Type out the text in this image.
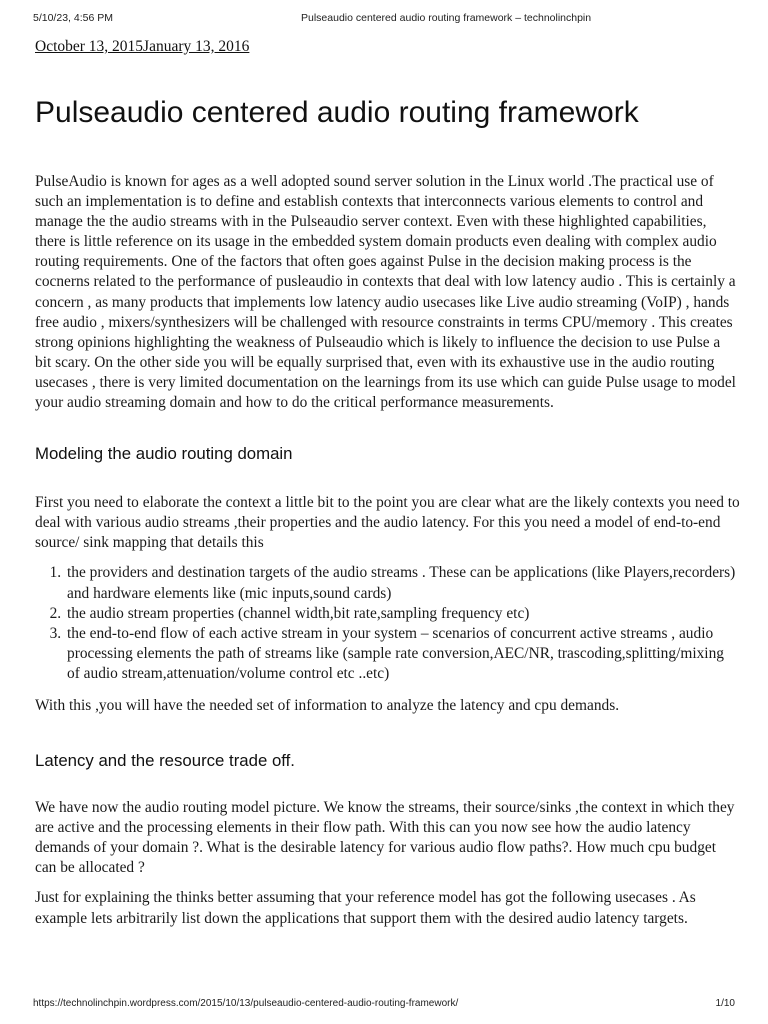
5/10/23, 4:56 PM	Pulseaudio centered audio routing framework – technolinchpin
October 13, 2015January 13, 2016
Pulseaudio centered audio routing framework

PulseAudio is known for ages as a well adopted sound server solution in the Linux world .The practical use of such an implementation is to define and establish contexts that interconnects various elements to control and manage the the audio streams with in the Pulseaudio server context. Even with these highlighted capabilities, there is little reference on its usage in the embedded system domain products even dealing with complex audio routing requirements. One of the factors that often goes against Pulse in the decision making process is the cocnerns related to the performance of pusleaudio in contexts that deal with low latency audio . This is certainly a concern , as many products that implements low latency audio usecases like Live audio streaming (VoIP) , hands free audio , mixers/synthesizers will be challenged with resource constraints in terms CPU/memory . This creates strong opinions highlighting the weakness of Pulseaudio which is likely to influence the decision to use Pulse a bit scary. On the other side you will be equally surprised that, even with its exhaustive use in the audio routing usecases , there is very limited documentation on the learnings from its use which can guide Pulse usage to model your audio streaming domain and how to do the critical performance measurements.

Modeling the audio routing domain

First you need to elaborate the context a little bit to the point you are clear what are the likely contexts you need to deal with various audio streams ,their properties and the audio latency. For this you need a model of end-to-end source/ sink mapping that details this

1. the providers and destination targets of the audio streams . These can be applications (like Players,recorders) and hardware elements like (mic inputs,sound cards)
2. the audio stream properties (channel width,bit rate,sampling frequency etc)
3. the end-to-end flow of each active stream in your system – scenarios of concurrent active streams , audio processing elements the path of streams like (sample rate conversion,AEC/NR, trascoding,splitting/mixing of audio stream,attenuation/volume control etc ..etc)

With this ,you will have the needed set of information to analyze the latency and cpu demands.

Latency and the resource trade off.

We have now the audio routing model picture. We know the streams, their source/sinks ,the context in which they are active and the processing elements in their flow path. With this can you now see how the audio latency demands of your domain ?. What is the desirable latency for various audio flow paths?. How much cpu budget can be allocated ?

Just for explaining the thinks better assuming that your reference model has got the following usecases . As example lets arbitrarily list down the applications that support them with the desired audio latency targets.

https://technolinchpin.wordpress.com/2015/10/13/pulseaudio-centered-audio-routing-framework/	1/10
